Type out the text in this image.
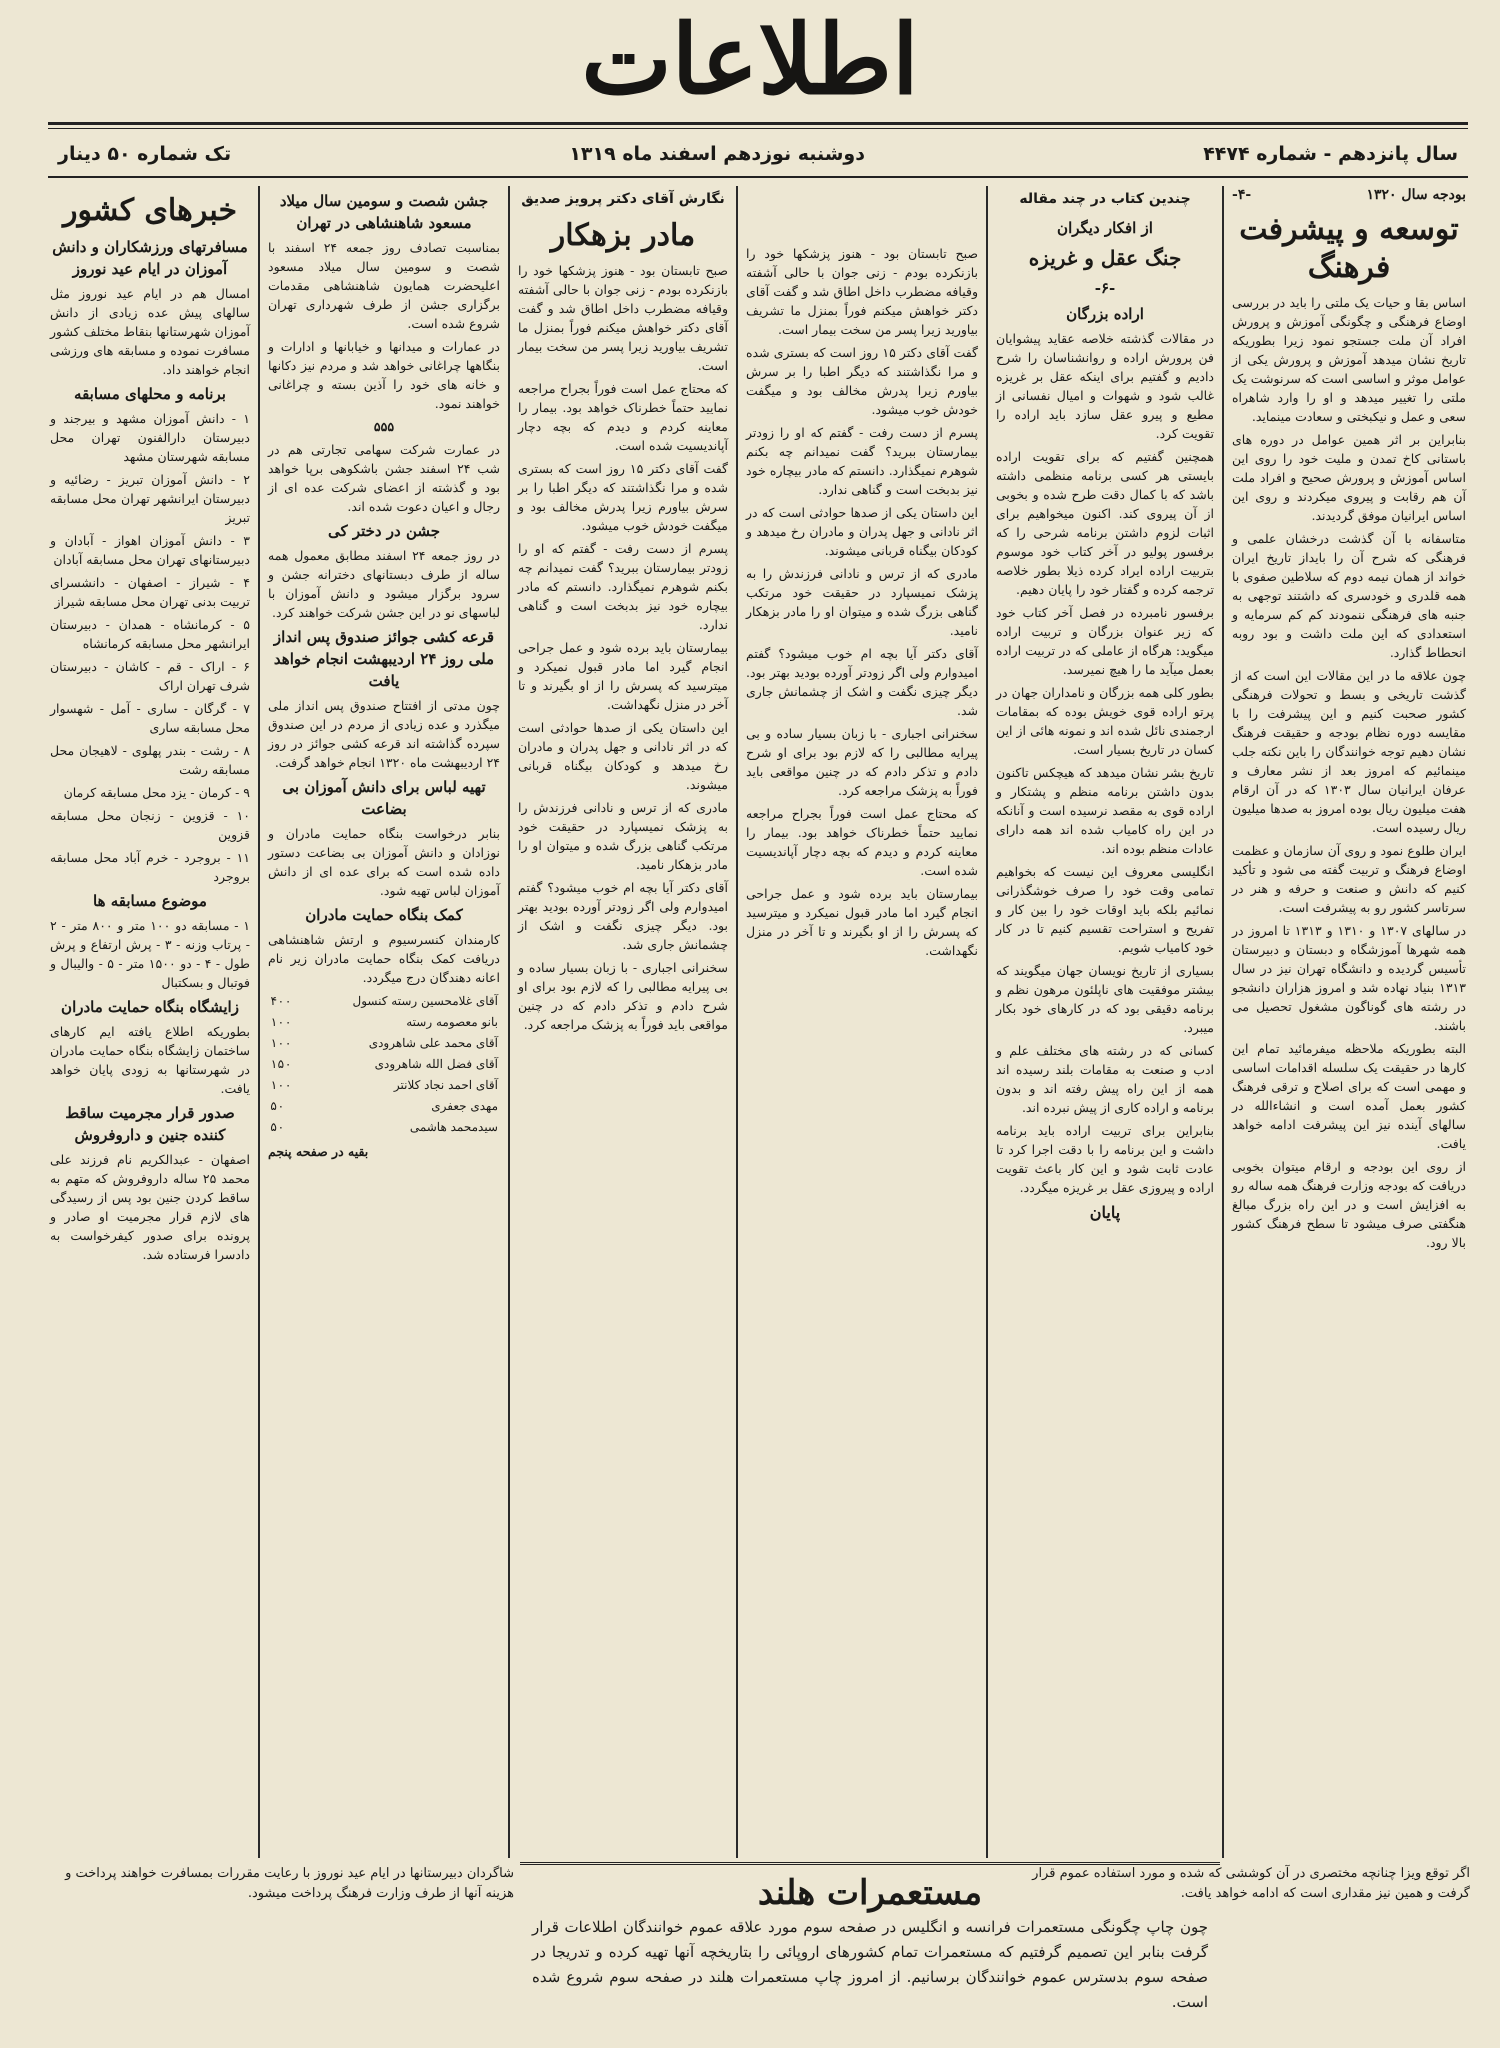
اطلاعات
سال پانزدهم - شماره ۴۴۷۴
دوشنبه نوزدهم اسفند ماه ۱۳۱۹
تک شماره ۵۰ دینار
بودجه سال ۱۳۲۰
-۴-
توسعه و پیشرفت فرهنگ

اساس بقا و حیات یک ملتی را باید در بررسی اوضاع فرهنگی و چگونگی آموزش و پرورش افراد آن ملت جستجو نمود زیرا بطوریکه تاریخ نشان میدهد آموزش و پرورش یکی از عوامل موثر و اساسی است که سرنوشت یک ملتی را تغییر میدهد و او را وارد شاهراه سعی و عمل و نیکبختی و سعادت مینماید.

بنابراین بر اثر همین عوامل در دوره های باستانی کاخ تمدن و ملیت خود را روی این اساس آموزش و پرورش صحیح و افراد ملت آن هم رقابت و پیروی میکردند و روی این اساس ایرانیان موفق گردیدند.

متاسفانه با آن گذشت درخشان علمی و فرهنگی که شرح آن را بایداز تاریخ ایران خواند از همان نیمه دوم که سلاطین صفوی با همه قلدری و خودسری که داشتند توجهی به جنبه های فرهنگی ننمودند کم کم سرمایه و استعدادی که این ملت داشت و بود روبه انحطاط گذارد.

چون علاقه ما در این مقالات این است که از گذشت تاریخی و بسط و تحولات فرهنگی کشور صحبت کنیم و این پیشرفت را با مقایسه دوره نظام بودجه و حقیقت فرهنگ نشان دهیم توجه خوانندگان را باین نکته جلب مینمائیم که امروز بعد از نشر معارف و عرفان ایرانیان سال ۱۳۰۳ که در آن ارقام هفت میلیون ریال بوده امروز به صدها میلیون ریال رسیده است.

ایران طلوع نمود و روی آن سازمان و عظمت اوضاع فرهنگ و تربیت گفته می شود و تأکید کنیم که دانش و صنعت و حرفه و هنر در سرتاسر کشور رو به پیشرفت است.

در سالهای ۱۳۰۷ و ۱۳۱۰ و ۱۳۱۳ تا امروز در همه شهرها آموزشگاه و دبستان و دبیرستان تأسیس گردیده و دانشگاه تهران نیز در سال ۱۳۱۳ بنیاد نهاده شد و امروز هزاران دانشجو در رشته های گوناگون مشغول تحصیل می باشند.

البته بطوریکه ملاحظه میفرمائید تمام این کارها در حقیقت یک سلسله اقدامات اساسی و مهمی است که برای اصلاح و ترقی فرهنگ کشور بعمل آمده است و انشاءالله در سالهای آینده نیز این پیشرفت ادامه خواهد یافت.

از روی این بودجه و ارقام میتوان بخوبی دریافت که بودجه وزارت فرهنگ همه ساله رو به افزایش است و در این راه بزرگ مبالغ هنگفتی صرف میشود تا سطح فرهنگ کشور بالا رود.

چندین کتاب در چند مقاله
از افکار دیگران
جنگ عقل و غریزه
-۶-
اراده بزرگان

در مقالات گذشته خلاصه عقاید پیشوایان فن پرورش اراده و روانشناسان را شرح دادیم و گفتیم برای اینکه عقل بر غریزه غالب شود و شهوات و امیال نفسانی از مطیع و پیرو عقل سازد باید اراده را تقویت کرد.

همچنین گفتیم که برای تقویت اراده بایستی هر کسی برنامه منظمی داشته باشد که با کمال دقت طرح شده و بخوبی از آن پیروی کند. اکنون میخواهیم برای اثبات لزوم داشتن برنامه شرحی را که برفسور پولیو در آخر کتاب خود موسوم بتربیت اراده ایراد کرده ذیلا بطور خلاصه ترجمه کرده و گفتار خود را پایان دهیم.

برفسور نامبرده در فصل آخر کتاب خود که زیر عنوان بزرگان و تربیت اراده میگوید: هرگاه از عاملی که در تربیت اراده بعمل میآید ما را هیچ نمیرسد.

بطور کلی همه بزرگان و نامداران جهان در پرتو اراده قوی خویش بوده که بمقامات ارجمندی نائل شده اند و نمونه هائی از این کسان در تاریخ بسیار است.

تاریخ بشر نشان میدهد که هیچکس تاکنون بدون داشتن برنامه منظم و پشتکار و اراده قوی به مقصد نرسیده است و آنانکه در این راه کامیاب شده اند همه دارای عادات منظم بوده اند.

انگلیسی معروف این نیست که بخواهیم تمامی وقت خود را صرف خوشگذرانی نمائیم بلکه باید اوقات خود را بین کار و تفریح و استراحت تقسیم کنیم تا در کار خود کامیاب شویم.

بسیاری از تاریخ نویسان جهان میگویند که بیشتر موفقیت های ناپلئون مرهون نظم و برنامه دقیقی بود که در کارهای خود بکار میبرد.

کسانی که در رشته های مختلف علم و ادب و صنعت به مقامات بلند رسیده اند همه از این راه پیش رفته اند و بدون برنامه و اراده کاری از پیش نبرده اند.

بنابراین برای تربیت اراده باید برنامه داشت و این برنامه را با دقت اجرا کرد تا عادت ثابت شود و این کار باعث تقویت اراده و پیروزی عقل بر غریزه میگردد.

پایان
نگارش آقای دکتر پرویز صدیق
مادر بزهکار

صبح تابستان بود - هنوز پزشکها خود را بازنکرده بودم - زنی جوان با حالی آشفته وقیافه مضطرب داخل اطاق شد و گفت آقای دکتر خواهش میکنم فوراً بمنزل ما تشریف بیاورید زیرا پسر من سخت بیمار است.

که محتاج عمل است فوراً بجراح مراجعه نمایید حتماً خطرناک خواهد بود. بیمار را معاینه کردم و دیدم که بچه دچار آپاندیسیت شده است.

گفت آقای دکتر ۱۵ روز است که بستری شده و مرا نگذاشتند که دیگر اطبا را بر سرش بیاورم زیرا پدرش مخالف بود و میگفت خودش خوب میشود.

پسرم از دست رفت - گفتم که او را زودتر بیمارستان ببرید؟ گفت نمیدانم چه بکنم شوهرم نمیگذارد. دانستم که مادر بیچاره خود نیز بدبخت است و گناهی ندارد.

بیمارستان باید برده شود و عمل جراحی انجام گیرد اما مادر قبول نمیکرد و میترسید که پسرش را از او بگیرند و تا آخر در منزل نگهداشت.

این داستان یکی از صدها حوادثی است که در اثر نادانی و جهل پدران و مادران رخ میدهد و کودکان بیگناه قربانی میشوند.

مادری که از ترس و نادانی فرزندش را به پزشک نمیسپارد در حقیقت خود مرتکب گناهی بزرگ شده و میتوان او را مادر بزهکار نامید.

آقای دکتر آیا بچه ام خوب میشود؟ گفتم امیدوارم ولی اگر زودتر آورده بودید بهتر بود. دیگر چیزی نگفت و اشک از چشمانش جاری شد.

سخنرانی اجباری - با زبان بسیار ساده و بی پیرایه مطالبی را که لازم بود برای او شرح دادم و تذکر دادم که در چنین مواقعی باید فوراً به پزشک مراجعه کرد.

صبح تابستان بود - هنوز پزشکها خود را بازنکرده بودم - زنی جوان با حالی آشفته وقیافه مضطرب داخل اطاق شد و گفت آقای دکتر خواهش میکنم فوراً بمنزل ما تشریف بیاورید زیرا پسر من سخت بیمار است.

گفت آقای دکتر ۱۵ روز است که بستری شده و مرا نگذاشتند که دیگر اطبا را بر سرش بیاورم زیرا پدرش مخالف بود و میگفت خودش خوب میشود.

پسرم از دست رفت - گفتم که او را زودتر بیمارستان ببرید؟ گفت نمیدانم چه بکنم شوهرم نمیگذارد. دانستم که مادر بیچاره خود نیز بدبخت است و گناهی ندارد.

این داستان یکی از صدها حوادثی است که در اثر نادانی و جهل پدران و مادران رخ میدهد و کودکان بیگناه قربانی میشوند.

مادری که از ترس و نادانی فرزندش را به پزشک نمیسپارد در حقیقت خود مرتکب گناهی بزرگ شده و میتوان او را مادر بزهکار نامید.

آقای دکتر آیا بچه ام خوب میشود؟ گفتم امیدوارم ولی اگر زودتر آورده بودید بهتر بود. دیگر چیزی نگفت و اشک از چشمانش جاری شد.

سخنرانی اجباری - با زبان بسیار ساده و بی پیرایه مطالبی را که لازم بود برای او شرح دادم و تذکر دادم که در چنین مواقعی باید فوراً به پزشک مراجعه کرد.

که محتاج عمل است فوراً بجراح مراجعه نمایید حتماً خطرناک خواهد بود. بیمار را معاینه کردم و دیدم که بچه دچار آپاندیسیت شده است.

بیمارستان باید برده شود و عمل جراحی انجام گیرد اما مادر قبول نمیکرد و میترسید که پسرش را از او بگیرند و تا آخر در منزل نگهداشت.

جشن شصت و سومین سال میلاد مسعود شاهنشاهی در تهران

بمناسبت تصادف روز جمعه ۲۴ اسفند با شصت و سومین سال میلاد مسعود اعلیحضرت همایون شاهنشاهی مقدمات برگزاری جشن از طرف شهرداری تهران شروع شده است.

در عمارات و میدانها و خیابانها و ادارات و بنگاهها چراغانی خواهد شد و مردم نیز دکانها و خانه های خود را آذین بسته و چراغانی خواهند نمود.

۵۵۵

در عمارت شرکت سهامی تجارتی هم در شب ۲۴ اسفند جشن باشکوهی برپا خواهد بود و گذشته از اعضای شرکت عده ای از رجال و اعیان دعوت شده اند.

جشن در دختر کی

در روز جمعه ۲۴ اسفند مطابق معمول همه ساله از طرف دبستانهای دخترانه جشن و سرود برگزار میشود و دانش آموزان با لباسهای نو در این جشن شرکت خواهند کرد.

قرعه کشی جوائز صندوق پس انداز ملی روز ۲۴ اردیبهشت انجام خواهد یافت

چون مدتی از افتتاح صندوق پس انداز ملی میگذرد و عده زیادی از مردم در این صندوق سپرده گذاشته اند قرعه کشی جوائز در روز ۲۴ اردیبهشت ماه ۱۳۲۰ انجام خواهد گرفت.

تهیه لباس برای دانش آموزان بی بضاعت

بنابر درخواست بنگاه حمایت مادران و نوزادان و دانش آموزان بی بضاعت دستور داده شده است که برای عده ای از دانش آموزان لباس تهیه شود.

کمک بنگاه حمایت مادران

کارمندان کنسرسیوم و ارتش شاهنشاهی دریافت کمک بنگاه حمایت مادران زیر نام اعانه دهندگان درج میگردد.

آقای غلامحسین رسته کنسول	۴۰۰
بانو معصومه رسته	۱۰۰
آقای محمد علی شاهرودی	۱۰۰
آقای فضل الله شاهرودی	۱۵۰
آقای احمد نجاد کلانتر	۱۰۰
مهدی جعفری	۵۰
سیدمحمد هاشمی	۵۰
بقیه در صفحه پنجم
خبرهای کشور
مسافرتهای ورزشکاران و دانش آموزان در ایام عید نوروز

امسال هم در ایام عید نوروز مثل سالهای پیش عده زیادی از دانش آموزان شهرستانها بنقاط مختلف کشور مسافرت نموده و مسابقه های ورزشی انجام خواهند داد.

برنامه و محلهای مسابقه

۱ - دانش آموزان مشهد و بیرجند و دبیرستان دارالفنون تهران محل مسابقه شهرستان مشهد

۲ - دانش آموزان تبریز - رضائیه و دبیرستان ایرانشهر تهران محل مسابقه تبریز

۳ - دانش آموزان اهواز - آبادان و دبیرستانهای تهران محل مسابقه آبادان

۴ - شیراز - اصفهان - دانشسرای تربیت بدنی تهران محل مسابقه شیراز

۵ - کرمانشاه - همدان - دبیرستان ایرانشهر محل مسابقه کرمانشاه

۶ - اراک - قم - کاشان - دبیرستان شرف تهران اراک

۷ - گرگان - ساری - آمل - شهسوار محل مسابقه ساری

۸ - رشت - بندر پهلوی - لاهیجان محل مسابقه رشت

۹ - کرمان - یزد محل مسابقه کرمان

۱۰ - قزوین - زنجان محل مسابقه قزوین

۱۱ - بروجرد - خرم آباد محل مسابقه بروجرد

موضوع مسابقه ها

۱ - مسابقه دو ۱۰۰ متر و ۸۰۰ متر - ۲ - پرتاب وزنه - ۳ - پرش ارتفاع و پرش طول - ۴ - دو ۱۵۰۰ متر - ۵ - والیبال و فوتبال و بسکتبال

زایشگاه بنگاه حمایت مادران

بطوریکه اطلاع یافته ایم کارهای ساختمان زایشگاه بنگاه حمایت مادران در شهرستانها به زودی پایان خواهد یافت.

صدور قرار مجرمیت ساقط کننده جنین و داروفروش

اصفهان - عبدالکریم نام فرزند علی محمد ۲۵ ساله داروفروش که متهم به ساقط کردن جنین بود پس از رسیدگی های لازم قرار مجرمیت او صادر و پرونده برای صدور کیفرخواست به دادسرا فرستاده شد.

اگر توقع ویزا چنانچه مختصری در آن کوششی که شده و مورد استفاده عموم قرار گرفت و همین نیز مقداری است که ادامه خواهد یافت.

مستعمرات هلند
چون چاپ چگونگی مستعمرات فرانسه و انگلیس در صفحه سوم مورد علاقه عموم خوانندگان اطلاعات قرار گرفت بنابر این تصمیم گرفتیم که مستعمرات تمام کشورهای اروپائی را بتاریخچه آنها تهیه کرده و تدریجا در صفحه سوم بدسترس عموم خوانندگان برسانیم. از امروز چاپ مستعمرات هلند در صفحه سوم شروع شده است.

شاگردان دبیرستانها در ایام عید نوروز با رعایت مقررات بمسافرت خواهند پرداخت و هزینه آنها از طرف وزارت فرهنگ پرداخت میشود.
